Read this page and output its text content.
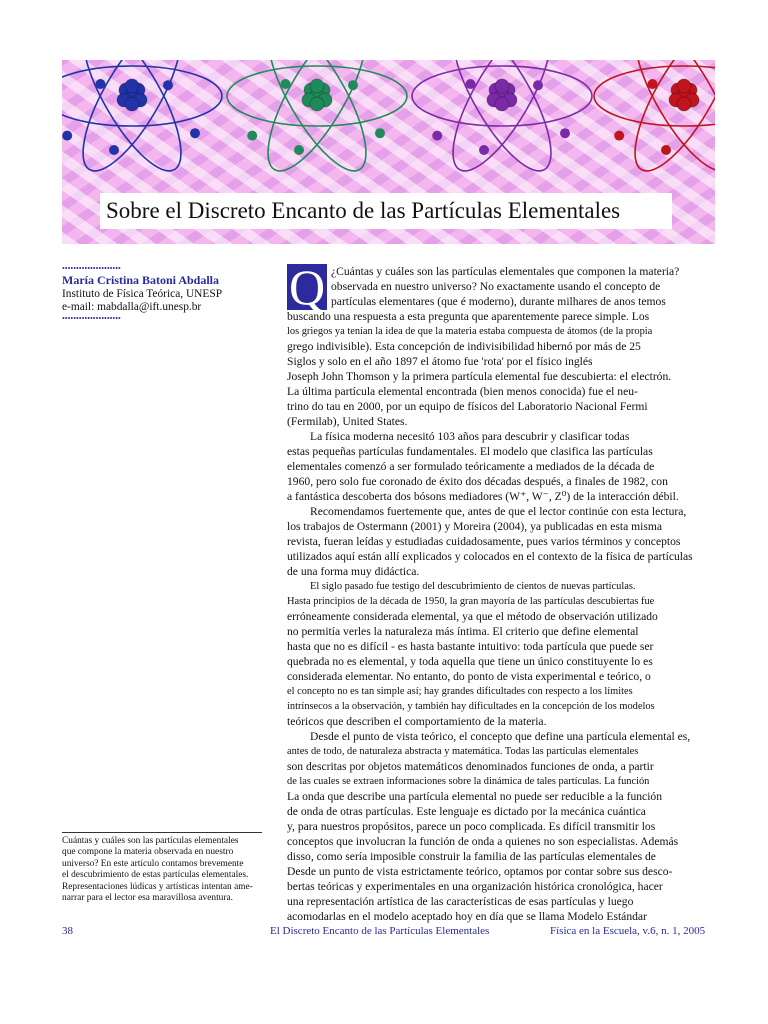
Sobre el Discreto Encanto de las Partículas Elementales
•••••••••••••••••••••
María Cristina Batoni Abdalla
Instituto de Física Teórica, UNESP
e-mail: mabdalla@ift.unesp.br
•••••••••••••••••••••
Cuántas y cuáles son las partículas elementales
que compone la materia observada en nuestro
universo? En este artículo contamos brevemente
el descubrimiento de estas partículas elementales.
Representaciones lúdicas y artísticas intentan ame-
narrar para el lector esa maravillosa aventura.
¿Cuántas y cuáles son las partículas elementales que componen la materia?
observada en nuestro universo? No exactamente usando el concepto de
partículas elementares (que é moderno), durante milhares de anos temos
buscando una respuesta a esta pregunta que aparentemente parece simple. Los
los griegos ya tenían la idea de que la materia estaba compuesta de átomos (de la propia
grego indivisible). Esta concepción de indivisibilidad hibernó por más de 25
Siglos y solo en el año 1897 el átomo fue 'rota' por el físico inglés
Joseph John Thomson y la primera partícula elemental fue descubierta: el electrón.
La última partícula elemental encontrada (bien menos conocida) fue el neu-
trino do tau en 2000, por un equipo de físicos del Laboratorio Nacional Fermi
(Fermilab), United States.
La física moderna necesitó 103 años para descubrir y clasificar todas
estas pequeñas partículas fundamentales. El modelo que clasifica las partículas
elementales comenzó a ser formulado teóricamente a mediados de la década de
1960, pero solo fue coronado de éxito dos décadas después, a finales de 1982, con
a fantástica descoberta dos bósons mediadores (W⁺, W⁻, Z⁰) de la interacción débil.
Recomendamos fuertemente que, antes de que el lector continúe con esta lectura,
los trabajos de Ostermann (2001) y Moreira (2004), ya publicadas en esta misma
revista, fueran leídas y estudiadas cuidadosamente, pues varios términos y conceptos
utilizados aquí están allí explicados y colocados en el contexto de la física de partículas
de una forma muy didáctica.
El siglo pasado fue testigo del descubrimiento de cientos de nuevas partículas.
Hasta principios de la década de 1950, la gran mayoría de las partículas descubiertas fue
erróneamente considerada elemental, ya que el método de observación utilizado
no permitía verles la naturaleza más íntima. El criterio que define elemental
hasta que no es difícil - es hasta bastante intuitivo: toda partícula que puede ser
quebrada no es elemental, y toda aquella que tiene un único constituyente lo es
considerada elementar. No entanto, do ponto de vista experimental e teórico, o
el concepto no es tan simple así; hay grandes dificultades con respecto a los límites
intrínsecos a la observación, y también hay dificultades en la concepción de los modelos
teóricos que describen el comportamiento de la materia.
Desde el punto de vista teórico, el concepto que define una partícula elemental es,
antes de todo, de naturaleza abstracta y matemática. Todas las partículas elementales
son descritas por objetos matemáticos denominados funciones de onda, a partir
de las cuales se extraen informaciones sobre la dinámica de tales partículas. La función
La onda que describe una partícula elemental no puede ser reducible a la función
de onda de otras partículas. Este lenguaje es dictado por la mecánica cuántica
y, para nuestros propósitos, parece un poco complicada. Es difícil transmitir los
conceptos que involucran la función de onda a quienes no son especialistas. Además
disso, como sería imposible construir la familia de las partículas elementales de
Desde un punto de vista estrictamente teórico, optamos por contar sobre sus desco-
bertas teóricas y experimentales en una organización histórica cronológica, hacer
una representación artística de las características de esas partículas y luego
acomodarlas en el modelo aceptado hoy en día que se llama Modelo Estándar
Q
38	El Discreto Encanto de las Partículas Elementales	Física en la Escuela, v.6, n. 1, 2005
